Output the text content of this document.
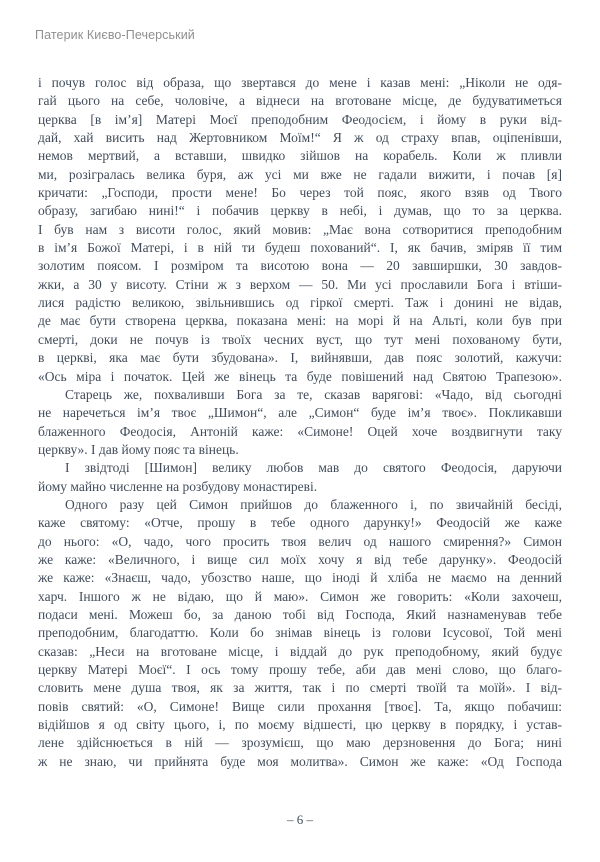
Патерик Києво-Печерський
і почув голос від образа, що звертався до мене і казав мені: „Ніколи не одя-
гай цього на себе, чоловіче, а віднеси на вготоване місце, де будуватиметься
церква [в ім’я] Матері Моєї преподобним Феодосієм, і йому в руки від-
дай, хай висить над Жертовником Моїм!“ Я ж од страху впав, оціпенівши,
немов мертвий, а вставши, швидко зійшов на корабель. Коли ж пливли
ми, розігралась велика буря, аж усі ми вже не гадали вижити, і почав [я]
кричати: „Господи, прости мене! Бо через той пояс, якого взяв од Твого
образу, загибаю нині!“ і побачив церкву в небі, і думав, що то за церква.
І був нам з висоти голос, який мовив: „Має вона сотворитися преподобним
в ім’я Божої Матері, і в ній ти будеш похований“. І, як бачив, зміряв її тим
золотим поясом. І розміром та висотою вона — 20 завширшки, 30 завдов-
жки, а 30 у висоту. Стіни ж з верхом — 50. Ми усі прославили Бога і втіши-
лися радістю великою, звільнившись од гіркої смерті. Таж і донині не відав,
де має бути створена церква, показана мені: на морі й на Альті, коли був при
смерті, доки не почув із твоїх чесних вуст, що тут мені похованому бути,
в церкві, яка має бути збудована». І, вийнявши, дав пояс золотий, кажучи:
«Ось міра і початок. Цей же вінець та буде повішений над Святою Трапезою».
Старець же, похваливши Бога за те, сказав варягові: «Чадо, від сьогодні
не наречеться ім’я твоє „Шимон“, але „Симон“ буде ім’я твоє». Покликавши
блаженного Феодосія, Антоній каже: «Симоне! Оцей хоче воздвигнути таку
церкву». І дав йому пояс та вінець.
І звідтоді [Шимон] велику любов мав до святого Феодосія, даруючи
йому майно численне на розбудову монастиреві.
Одного разу цей Симон прийшов до блаженного і, по звичайній бесіді,
каже святому: «Отче, прошу в тебе одного дарунку!» Феодосій же каже
до нього: «О, чадо, чого просить твоя велич од нашого смирення?» Симон
же каже: «Величного, і вище сил моїх хочу я від тебе дарунку». Феодосій
же каже: «Знаєш, чадо, убозство наше, що іноді й хліба не маємо на денний
харч. Іншого ж не відаю, що й маю». Симон же говорить: «Коли захочеш,
подаси мені. Можеш бо, за даною тобі від Господа, Який назнаменував тебе
преподобним, благодаттю. Коли бо знімав вінець із голови Ісусової, Той мені
сказав: „Неси на вготоване місце, і віддай до рук преподобному, який будує
церкву Матері Моєї“. І ось тому прошу тебе, аби дав мені слово, що благо-
словить мене душа твоя, як за життя, так і по смерті твоїй та моїй». І від-
повів святий: «О, Симоне! Вище сили прохання [твоє]. Та, якщо побачиш:
відійшов я од світу цього, і, по моєму відшесті, цю церкву в порядку, і устав-
лене здійснюється в ній — зрозумієш, що маю дерзновення до Бога; нині
ж не знаю, чи прийнята буде моя молитва». Симон же каже: «Од Господа
– 6 –
